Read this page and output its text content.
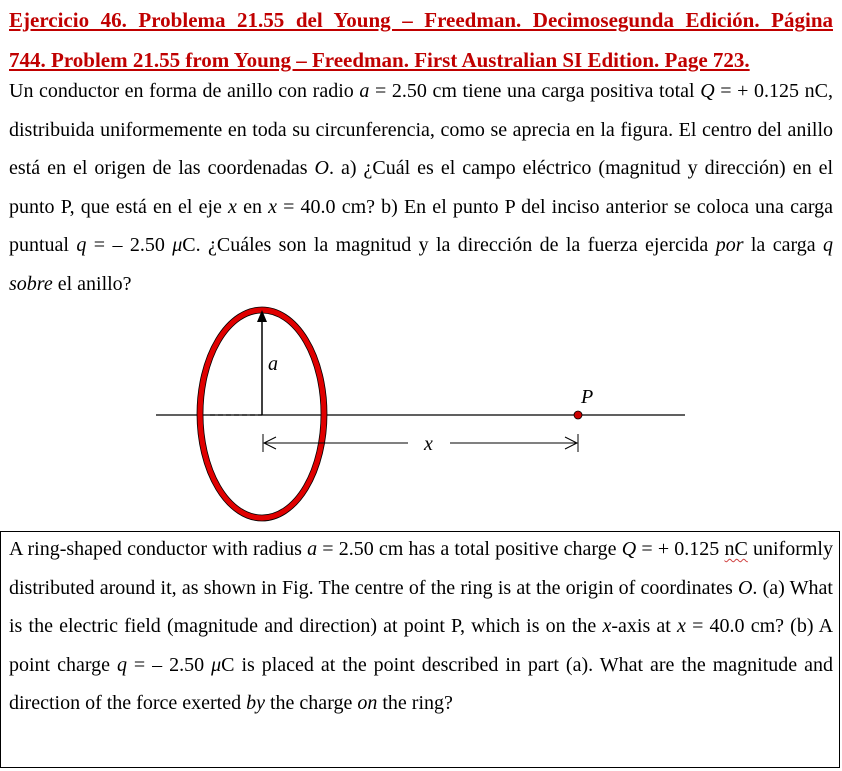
Ejercicio 46. Problema 21.55 del Young – Freedman. Decimosegunda Edición. Página
744. Problem 21.55 from Young – Freedman. First Australian SI Edition. Page 723.

Un conductor en forma de anillo con radio a = 2.50 cm tiene una carga positiva total Q = + 0.125 nC, distribuida uniformemente en toda su circunferencia, como se aprecia en la figura. El centro del anillo está en el origen de las coordenadas O. a) ¿Cuál es el campo eléctrico (magnitud y dirección) en el punto P, que está en el eje x en x = 40.0 cm? b) En el punto P del inciso anterior se coloca una carga puntual q = – 2.50 μC. ¿Cuáles son la magnitud y la dirección de la fuerza ejercida por la carga q sobre el anillo?

a
P
x

A ring-shaped conductor with radius a = 2.50 cm has a total positive charge Q = + 0.125 nC uniformly distributed around it, as shown in Fig. The centre of the ring is at the origin of coordinates O. (a) What is the electric field (magnitude and direction) at point P, which is on the x-axis at x = 40.0 cm? (b) A point charge q = – 2.50 μC is placed at the point described in part (a). What are the magnitude and direction of the force exerted by the charge on the ring?
